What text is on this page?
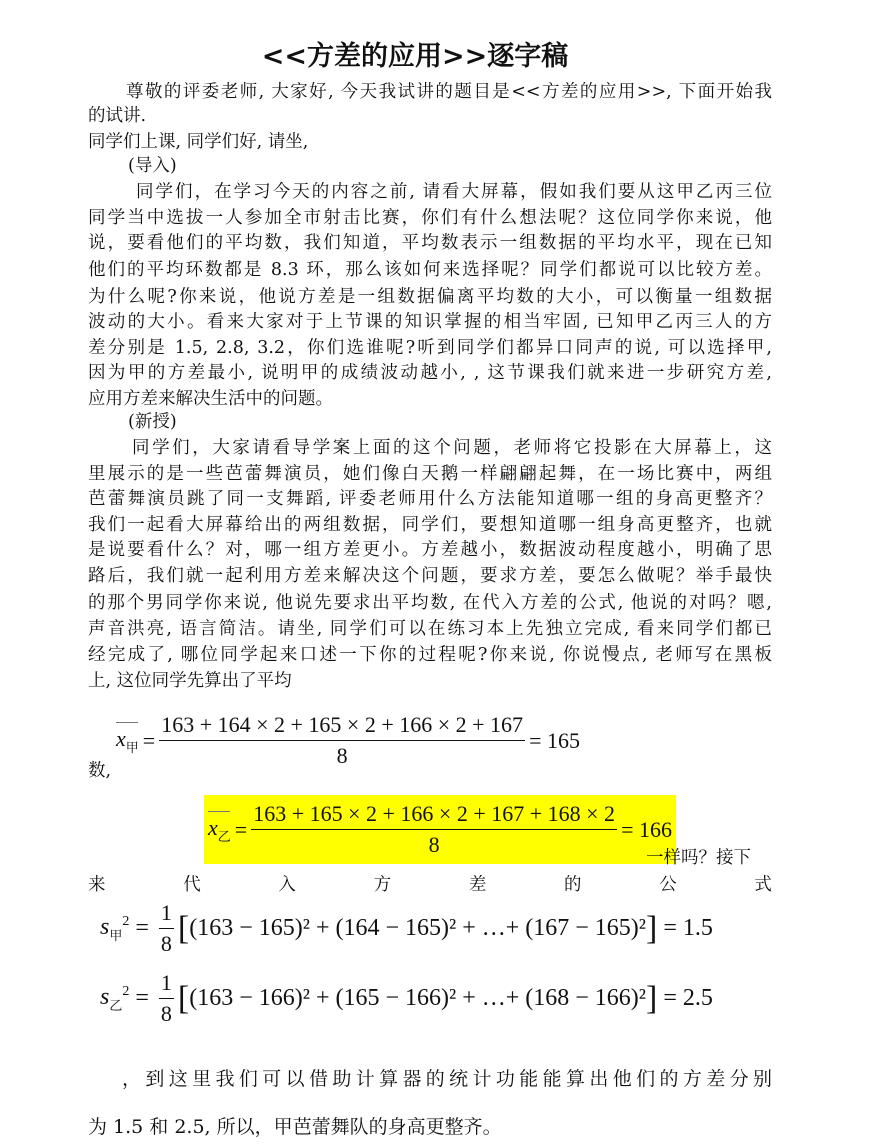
<<方差的应用>>逐字稿
尊敬的评委老师, 大家好, 今天我试讲的题目是<<方差的应用>>, 下面开始我
的试讲.
同学们上课, 同学们好, 请坐,
(导入)
同学们，在学习今天的内容之前, 请看大屏幕，假如我们要从这甲乙丙三位
同学当中选拔一人参加全市射击比赛，你们有什么想法呢？这位同学你来说，他
说，要看他们的平均数，我们知道，平均数表示一组数据的平均水平，现在已知
他们的平均环数都是 8.3 环，那么该如何来选择呢？同学们都说可以比较方差。
为什么呢?你来说，他说方差是一组数据偏离平均数的大小，可以衡量一组数据
波动的大小。看来大家对于上节课的知识掌握的相当牢固, 已知甲乙丙三人的方
差分别是 1.5, 2.8, 3.2，你们选谁呢?听到同学们都异口同声的说, 可以选择甲,
因为甲的方差最小, 说明甲的成绩波动越小, , 这节课我们就来进一步研究方差,
应用方差来解决生活中的问题。
(新授)
同学们，大家请看导学案上面的这个问题，老师将它投影在大屏幕上，这
里展示的是一些芭蕾舞演员，她们像白天鹅一样翩翩起舞，在一场比赛中，两组
芭蕾舞演员跳了同一支舞蹈, 评委老师用什么方法能知道哪一组的身高更整齐？
我们一起看大屏幕给出的两组数据，同学们，要想知道哪一组身高更整齐，也就
是说要看什么？对，哪一组方差更小。方差越小，数据波动程度越小，明确了思
路后，我们就一起利用方差来解决这个问题，要求方差，要怎么做呢？举手最快
的那个男同学你来说, 他说先要求出平均数, 在代入方差的公式, 他说的对吗？嗯,
声音洪亮, 语言简洁。请坐, 同学们可以在练习本上先独立完成, 看来同学们都已
经完成了, 哪位同学起来口述一下你的过程呢?你来说, 你说慢点, 老师写在黑板
上, 这位同学先算出了平均
$x_甲 = \frac{163 + 164 \times 2 + 165 \times 2 + 166 \times 2 + 167}{8} = 165$
数,
$x_乙 = \frac{163 + 165 \times 2 + 166 \times 2 + 167 + 168 \times 2}{8} = 166$
一样吗？接下
来	代	入	方	差	的	公	式
$s_甲^2 = \frac{1}{8}$ [ (163 − 165)² + (164 − 165)² + …+ (167 − 165)² ] = 1.5
$s_乙^2 = \frac{1}{8}$ [ (163 − 166)² + (165 − 166)² + …+ (168 − 166)² ] = 2.5
，到这里我们可以借助计算器的统计功能能算出他们的方差分别
为 1.5 和 2.5, 所以，甲芭蕾舞队的身高更整齐。
